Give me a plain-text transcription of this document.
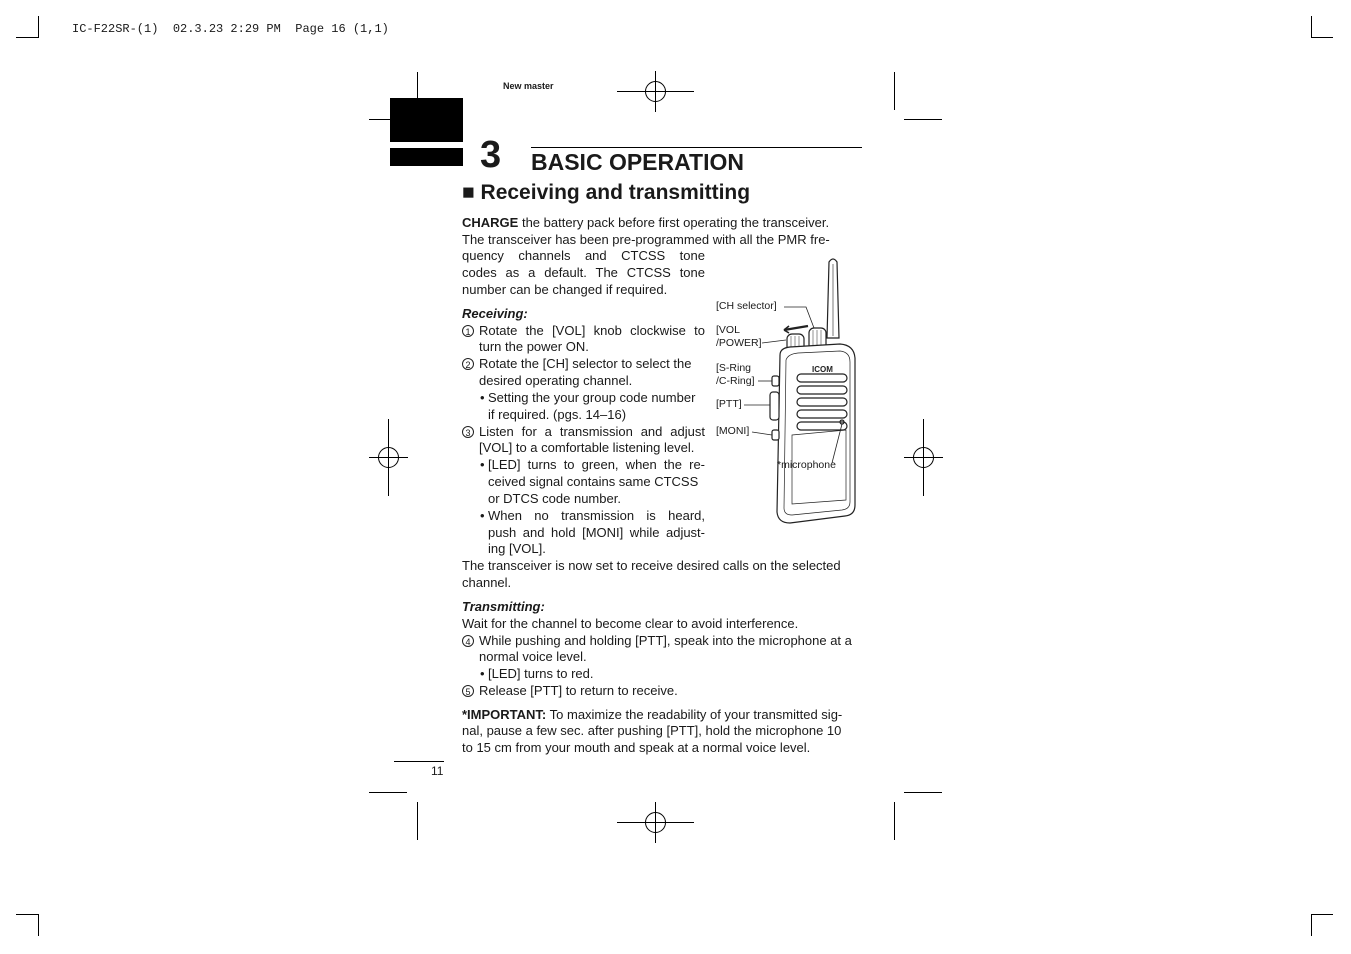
IC-F22SR-(1)  02.3.23 2:29 PM  Page 16 (1,1)
New master
3 BASIC OPERATION
■ Receiving and transmitting
CHARGE the battery pack before first operating the transceiver.
The transceiver has been pre-programmed with all the PMR fre-
quency channels and CTCSS tone
codes as a default. The CTCSS tone
number can be changed if required.
Receiving:
1 Rotate the [VOL] knob clockwise to
turn the power ON.
2 Rotate the [CH] selector to select the
desired operating channel.
• Setting the your group code number
if required. (pgs. 14–16)
3 Listen for a transmission and adjust
[VOL] to a comfortable listening level.
• [LED] turns to green, when the re-
ceived signal contains same CTCSS
or DTCS code number.
• When no transmission is heard,
push and hold [MONI] while adjust-
ing [VOL].
The transceiver is now set to receive desired calls on the selected
channel.
Transmitting:
Wait for the channel to become clear to avoid interference.
4 While pushing and holding [PTT], speak into the microphone at a
normal voice level.
• [LED] turns to red.
5 Release [PTT] to return to receive.
*IMPORTANT: To maximize the readability of your transmitted sig-
nal, pause a few sec. after pushing [PTT], hold the microphone 10
to 15 cm from your mouth and speak at a normal voice level.
ICOM
[CH selector]
[VOL
/POWER]
[S-Ring
/C-Ring]
[PTT]
[MONI]
*microphone
11
